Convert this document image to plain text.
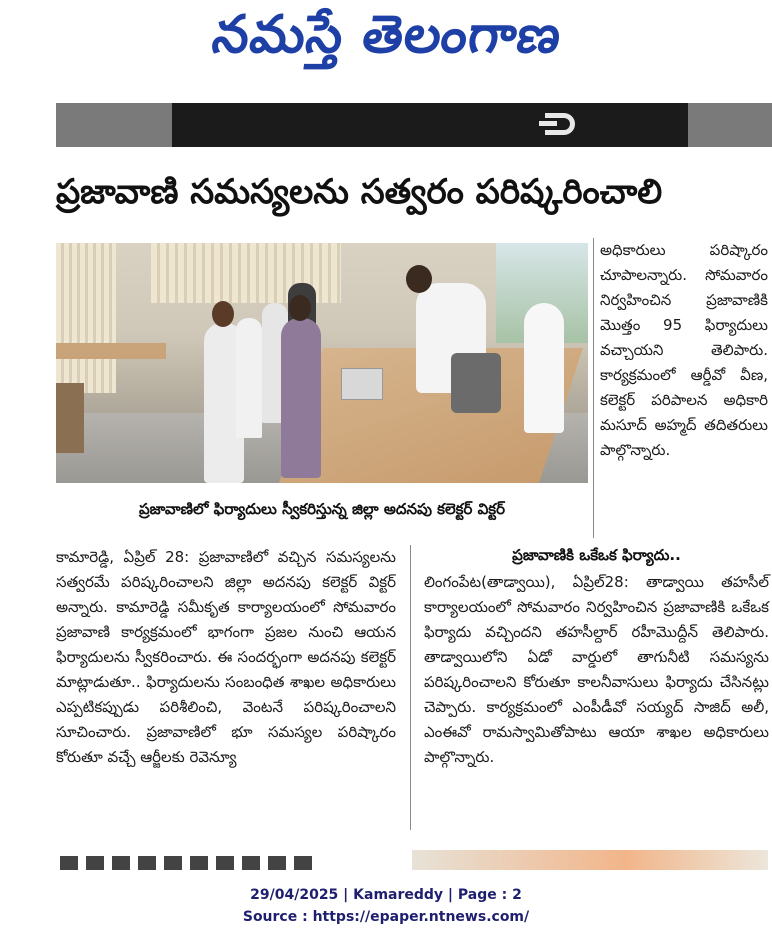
నమస్తే తెలంగాణ
ప్రజావాణి సమస్యలను సత్వరం పరిష్కరించాలి
ప్రజావాణిలో ఫిర్యాదులు స్వీకరిస్తున్న జిల్లా అదనపు కలెక్టర్ విక్టర్
అధికారులు పరిష్కారం చూపాలన్నారు. సోమవారం నిర్వహించిన ప్రజావాణికి మొత్తం 95 ఫిర్యాదులు వచ్చాయని తెలిపారు. కార్యక్రమంలో ఆర్డీవో వీణ, కలెక్టర్ పరిపాలన అధికారి మసూద్ అహ్మద్ తదితరులు పాల్గొన్నారు.
కామారెడ్డి, ఏప్రిల్ 28: ప్రజావాణిలో వచ్చిన సమస్యలను సత్వరమే పరిష్కరించాలని జిల్లా అదనపు కలెక్టర్ విక్టర్ అన్నారు. కామారెడ్డి సమీకృత కార్యాలయంలో సోమవారం ప్రజావాణి కార్యక్రమంలో భాగంగా ప్రజల నుంచి ఆయన ఫిర్యాదులను స్వీకరించారు. ఈ సందర్భంగా అదనపు కలెక్టర్ మాట్లాడుతూ.. ఫిర్యాదులను సంబంధిత శాఖల అధికారులు ఎప్పటికప్పుడు పరిశీలించి, వెంటనే పరిష్కరించాలని సూచించారు. ప్రజావాణిలో భూ సమస్యల పరిష్కారం కోరుతూ వచ్చే ఆర్జీలకు రెవెన్యూ
ప్రజావాణికి ఒకేఒక ఫిర్యాదు..
లింగంపేట(తాడ్వాయి), ఏప్రిల్28: తాడ్వాయి తహసీల్ కార్యాలయంలో సోమవారం నిర్వహించిన ప్రజావాణికి ఒకేఒక ఫిర్యాదు వచ్చిందని తహసీల్దార్ రహీమొద్దీన్ తెలిపారు. తాడ్వాయిలోని ఏడో వార్డులో తాగునీటి సమస్యను పరిష్కరించాలని కోరుతూ కాలనీవాసులు ఫిర్యాదు చేసినట్లు చెప్పారు. కార్యక్రమంలో ఎంపీడీవో సయ్యద్ సాజిద్ అలీ, ఎంఈవో రామస్వామితోపాటు ఆయా శాఖల అధికారులు పాల్గొన్నారు.
29/04/2025 | Kamareddy | Page : 2
Source : https://epaper.ntnews.com/
